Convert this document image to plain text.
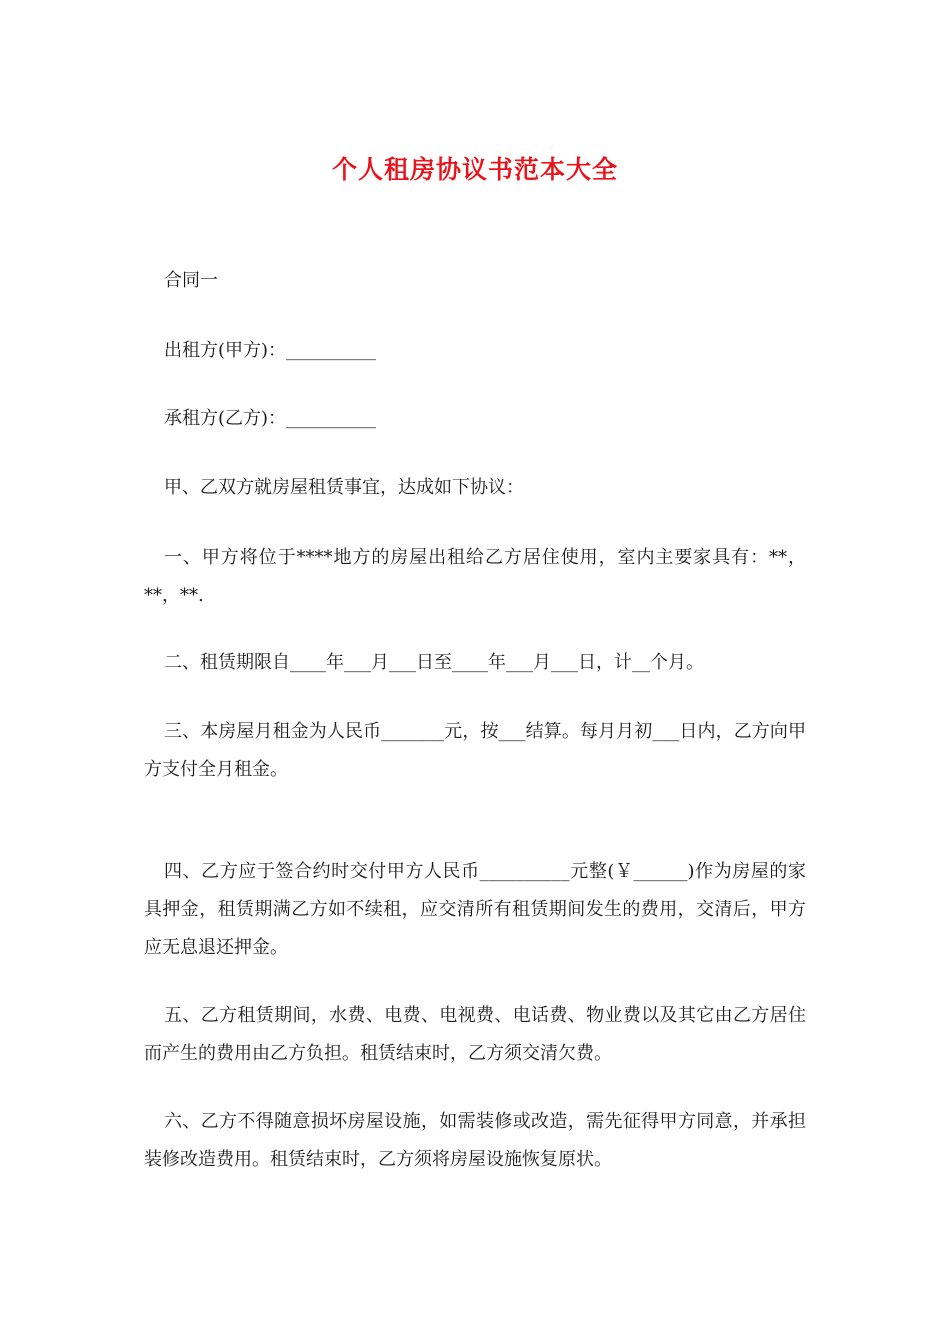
个人租房协议书范本大全

合同一

出租方(甲方)：__________

承租方(乙方)：__________

甲、乙双方就房屋租赁事宜，达成如下协议：

一、甲方将位于****地方的房屋出租给乙方居住使用，室内主要家具有：**，**，**.

二、租赁期限自____年___月___日至____年___月___日，计__个月。

三、本房屋月租金为人民币_______元，按___结算。每月月初___日内，乙方向甲方支付全月租金。

四、乙方应于签合约时交付甲方人民币__________元整(￥______)作为房屋的家具押金，租赁期满乙方如不续租，应交清所有租赁期间发生的费用，交清后，甲方应无息退还押金。

五、乙方租赁期间，水费、电费、电视费、电话费、物业费以及其它由乙方居住而产生的费用由乙方负担。租赁结束时，乙方须交清欠费。

六、乙方不得随意损坏房屋设施，如需装修或改造，需先征得甲方同意，并承担装修改造费用。租赁结束时，乙方须将房屋设施恢复原状。
